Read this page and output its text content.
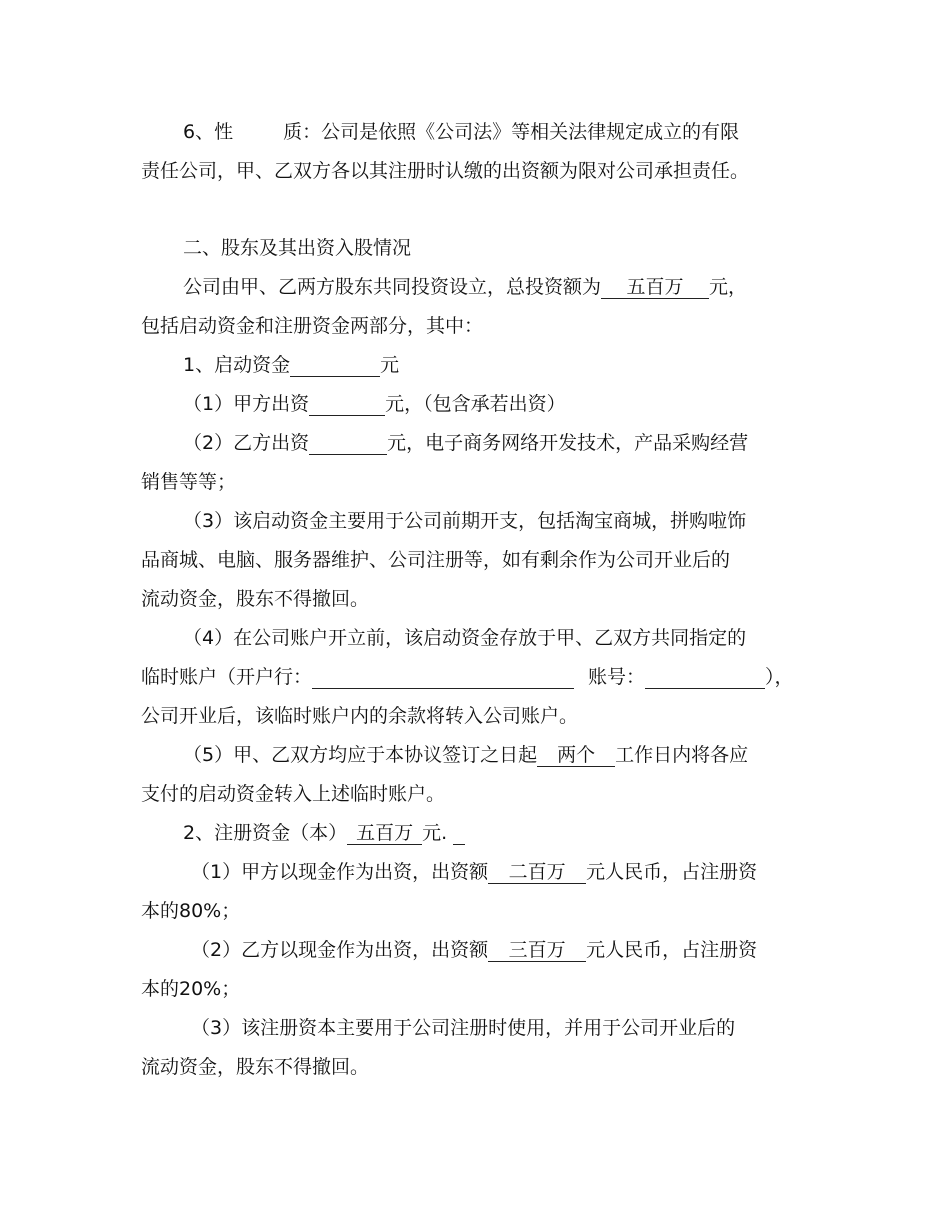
6、性	质：公司是依照《公司法》等相关法律规定成立的有限
责任公司，甲、乙双方各以其注册时认缴的出资额为限对公司承担责任。
二、股东及其出资入股情况
公司由甲、乙两方股东共同投资设立，总投资额为 五百万 元，
包括启动资金和注册资金两部分，其中：
1、启动资金	元
（1）甲方出资	元，（包含承若出资）
（2）乙方出资	元，电子商务网络开发技术，产品采购经营
销售等等；
（3）该启动资金主要用于公司前期开支，包括淘宝商城，拼购啦饰
品商城、电脑、服务器维护、公司注册等，如有剩余作为公司开业后的
流动资金，股东不得撤回。
（4）在公司账户开立前，该启动资金存放于甲、乙双方共同指定的
临时账户（开户行：	账号：	），
公司开业后，该临时账户内的余款将转入公司账户。
（5）甲、乙双方均应于本协议签订之日起 两个 工作日内将各应
支付的启动资金转入上述临时账户。
2、注册资金（本） 五百万 元.
（1）甲方以现金作为出资，出资额 二百万 元人民币，占注册资
本的80%；
（2）乙方以现金作为出资，出资额 三百万 元人民币，占注册资
本的20%；
（3）该注册资本主要用于公司注册时使用，并用于公司开业后的
流动资金，股东不得撤回。
